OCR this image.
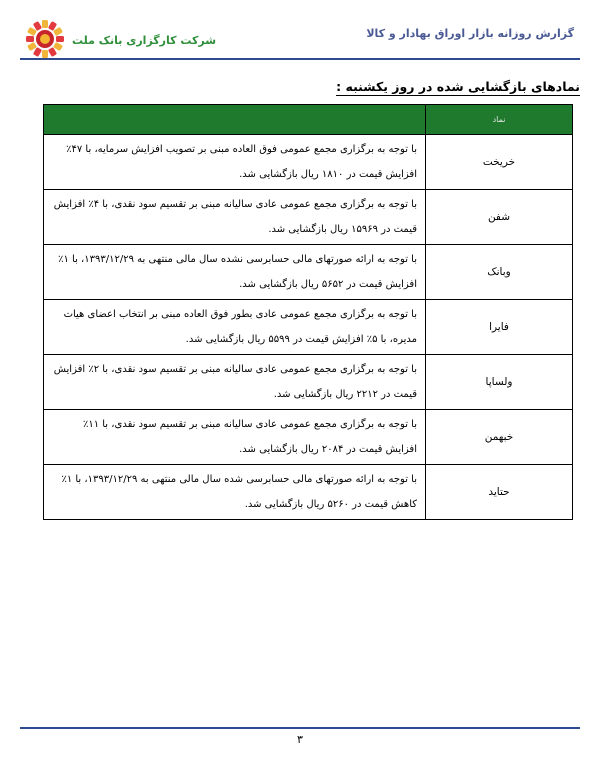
گزارش روزانه بازار اوراق بهادار و کالا
شرکت کارگزاری بانک ملت
نمادهای بازگشایی شده در روز یکشنبه :
نماد	
خریخت	با توجه به برگزاری مجمع عمومی فوق العاده مبنی بر تصویب افزایش سرمایه، با ۴۷٪ افزایش قیمت در ۱۸۱۰ ریال بازگشایی شد.
شفن	با توجه به برگزاری مجمع عمومی عادی سالیانه مبنی بر تقسیم سود نقدی، با ۴٪ افزایش قیمت در ۱۵۹۶۹ ریال بازگشایی شد.
وبانک	با توجه به ارائه صورتهای مالی حسابرسی نشده سال مالی منتهی به ۱۳۹۳/۱۲/۲۹، با ۱٪ افزایش قیمت در ۵۶۵۲ ریال بازگشایی شد.
فایرا	با توجه به برگزاری مجمع عمومی عادی بطور فوق العاده مبنی بر انتخاب اعضای هیات مدیره، با ۵٪ افزایش قیمت در ۵۵۹۹ ریال بازگشایی شد.
ولساپا	با توجه به برگزاری مجمع عمومی عادی سالیانه مبنی بر تقسیم سود نقدی، با ۲٪ افزایش قیمت در ۲۲۱۲ ریال بازگشایی شد.
خبهمن	با توجه به برگزاری مجمع عمومی عادی سالیانه مبنی بر تقسیم سود نقدی، با ۱۱٪ افزایش قیمت در ۲۰۸۴ ریال بازگشایی شد.
حتاید	با توجه به ارائه صورتهای مالی حسابرسی شده سال مالی منتهی به ۱۳۹۳/۱۲/۲۹، با ۱٪ کاهش قیمت در ۵۲۶۰ ریال بازگشایی شد.
۳
